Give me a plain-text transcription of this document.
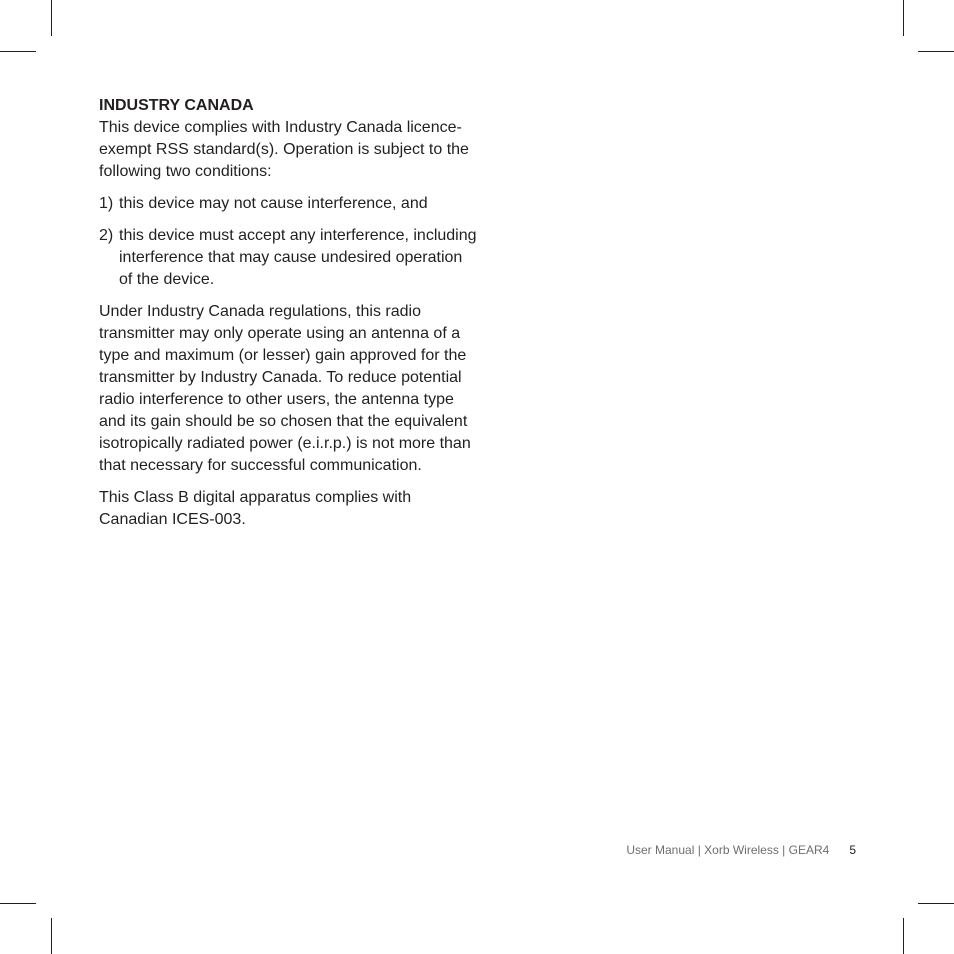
INDUSTRY CANADA

This device complies with Industry Canada licence-exempt RSS standard(s). Operation is subject to the following two conditions:

1) this device may not cause interference, and
2) this device must accept any interference, including interference that may cause undesired operation of the device.

Under Industry Canada regulations, this radio transmitter may only operate using an antenna of a type and maximum (or lesser) gain approved for the transmitter by Industry Canada. To reduce potential radio interference to other users, the antenna type and its gain should be so chosen that the equivalent isotropically radiated power (e.i.r.p.) is not more than that necessary for successful communication.

This Class B digital apparatus complies with Canadian ICES-003.

User Manual | Xorb Wireless | GEAR4 5
